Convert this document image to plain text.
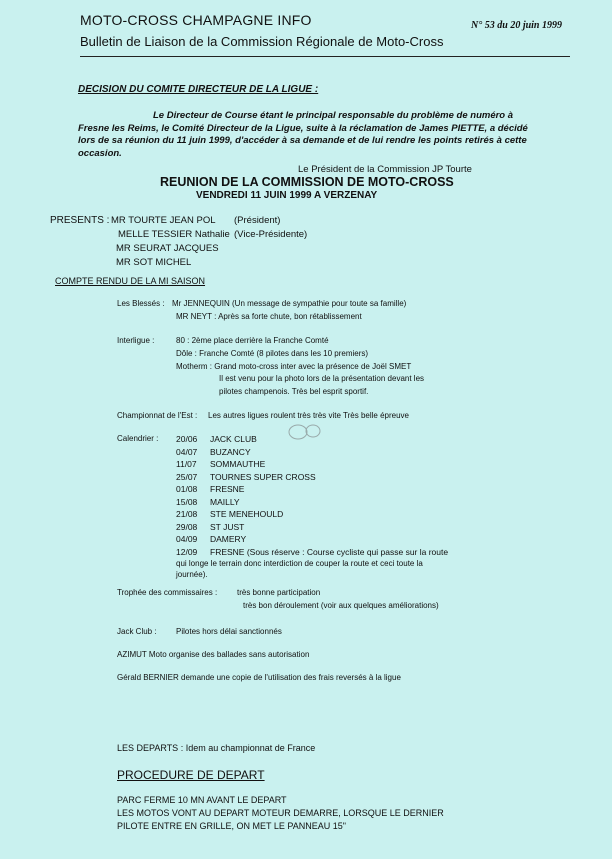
MOTO-CROSS CHAMPAGNE INFO
Bulletin de Liaison de la Commission Régionale de Moto-Cross
N° 53 du 20 juin 1999
DECISION DU COMITE DIRECTEUR DE LA LIGUE :
Le Directeur de Course étant le principal responsable du problème de numéro à
Fresne les Reims, le Comité Directeur de la Ligue, suite à la réclamation de James PIETTE, a décidé
lors de sa réunion du 11 juin 1999, d'accéder à sa demande et de lui rendre les points retirés à cette
occasion.
Le Président de la Commission JP Tourte
REUNION DE LA COMMISSION DE MOTO-CROSS
VENDREDI 11 JUIN 1999 A VERZENAY
PRESENTS : MR TOURTE JEAN POL (Président)
MELLE TESSIER Nathalie (Vice-Présidente)
MR SEURAT JACQUES
MR SOT MICHEL
COMPTE RENDU DE LA MI SAISON
Les Blessés : Mr JENNEQUIN (Un message de sympathie pour toute sa famille)
MR NEYT : Après sa forte chute, bon rétablissement
Interligue :	80 : 2ème place derrière la Franche Comté
Dôle : Franche Comté (8 pilotes dans les 10 premiers)
Motherm : Grand moto-cross inter avec la présence de Joël SMET
Il est venu pour la photo lors de la présentation devant les
pilotes champenois. Très bel esprit sportif.
Championnat de l'Est : Les autres ligues roulent très très vite Très belle épreuve
Calendrier : 20/06 JACK CLUB
04/07 BUZANCY
11/07 SOMMAUTHE
25/07 TOURNES SUPER CROSS
01/08 FRESNE
15/08 MAILLY
21/08 STE MENEHOULD
29/08 ST JUST
04/09 DAMERY
12/09 FRESNE (Sous réserve : Course cycliste qui passe sur la route
qui longe le terrain donc interdiction de couper la route et ceci toute la
journée).
Trophée des commissaires : très bonne participation
très bon déroulement (voir aux quelques améliorations)
Jack Club : Pilotes hors délai sanctionnés
AZIMUT Moto organise des ballades sans autorisation
Gérald BERNIER demande une copie de l'utilisation des frais reversés à la ligue
LES DEPARTS : Idem au championnat de France
PROCEDURE DE DEPART
PARC FERME 10 MN AVANT LE DEPART
LES MOTOS VONT AU DEPART MOTEUR DEMARRE, LORSQUE LE DERNIER
PILOTE ENTRE EN GRILLE, ON MET LE PANNEAU 15"
